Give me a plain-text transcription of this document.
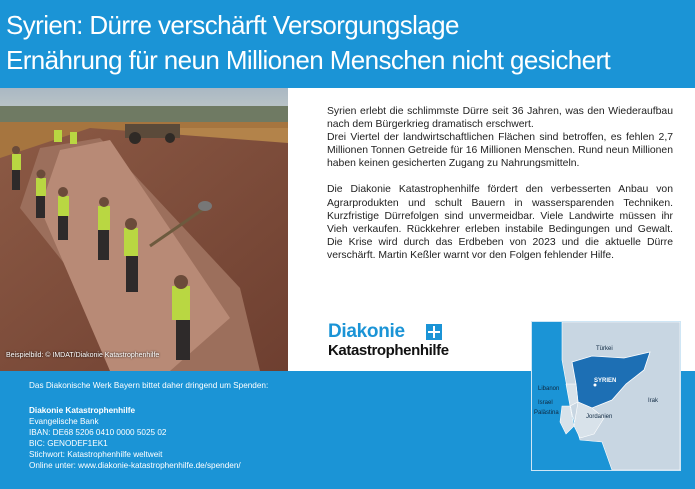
Syrien: Dürre verschärft Versorgungslage
Ernährung für neun Millionen Menschen nicht gesichert
Beispielbild: © IMDAT/Diakonie Katastrophenhilfe

Syrien erlebt die schlimmste Dürre seit 36 Jahren, was den Wiederaufbau nach dem Bürgerkrieg dramatisch erschwert.

Drei Viertel der landwirtschaftlichen Flächen sind betroffen, es fehlen 2,7 Millionen Tonnen Getreide für 16 Millionen Menschen. Rund neun Millionen haben keinen gesicherten Zugang zu Nahrungsmitteln.

Die Diakonie Katastrophenhilfe fördert den verbesserten Anbau von Agrarprodukten und schult Bauern in wassersparenden Techniken. Kurzfristige Dürrefolgen sind unvermeidbar. Viele Landwirte müssen ihr Vieh verkaufen. Rückkehrer erleben instabile Bedingungen und Gewalt. Die Krise wird durch das Erdbeben von 2023 und die aktuelle Dürre verschärft. Martin Keßler warnt vor den Folgen fehlender Hilfe.

Diakonie
Katastrophenhilfe
Das Diakonische Werk Bayern bittet daher dringend um Spenden:
Diakonie Katastrophenhilfe
Evangelische Bank
IBAN: DE68 5206 0410 0000 5025 02
BIC: GENODEF1EK1
Stichwort: Katastrophenhilfe weltweit
Online unter: www.diakonie-katastrophenhilfe.de/spenden/
Türkei
SYRIEN
Libanon
Israel
Palästina
Jordanien
Irak
